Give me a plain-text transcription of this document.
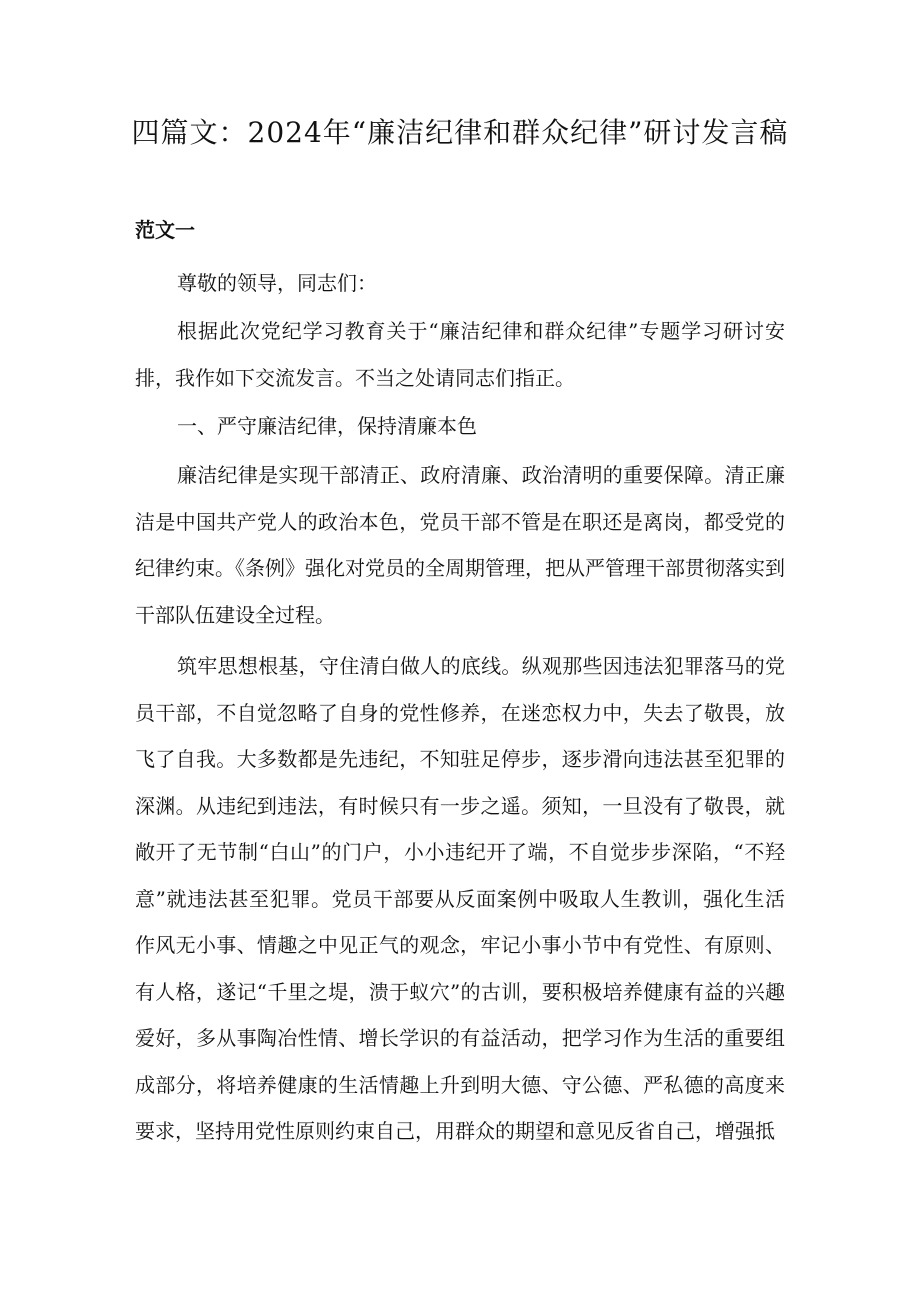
四篇文：2024年“廉洁纪律和群众纪律”研讨发言稿
范文一

尊敬的领导，同志们：

根据此次党纪学习教育关于“廉洁纪律和群众纪律”专题学习研讨安排，我作如下交流发言。不当之处请同志们指正。

一、严守廉洁纪律，保持清廉本色

廉洁纪律是实现干部清正、政府清廉、政治清明的重要保障。清正廉洁是中国共产党人的政治本色，党员干部不管是在职还是离岗，都受党的纪律约束。《条例》强化对党员的全周期管理，把从严管理干部贯彻落实到干部队伍建设全过程。

筑牢思想根基，守住清白做人的底线。纵观那些因违法犯罪落马的党员干部，不自觉忽略了自身的党性修养，在迷恋权力中，失去了敬畏，放飞了自我。大多数都是先违纪，不知驻足停步，逐步滑向违法甚至犯罪的深渊。从违纪到违法，有时候只有一步之遥。须知，一旦没有了敬畏，就敞开了无节制“白山”的门户，小小违纪开了端，不自觉步步深陷，“不羟意”就违法甚至犯罪。党员干部要从反面案例中吸取人生教训，强化生活作风无小事、情趣之中见正气的观念，牢记小事小节中有党性、有原则、有人格，遂记“千里之堤，溃于蚁穴”的古训，要积极培养健康有益的兴趣爱好，多从事陶冶性情、增长学识的有益活动，把学习作为生活的重要组成部分，将培养健康的生活情趣上升到明大德、守公德、严私德的高度来要求，坚持用党性原则约束自己，用群众的期望和意见反省自己，增强抵
